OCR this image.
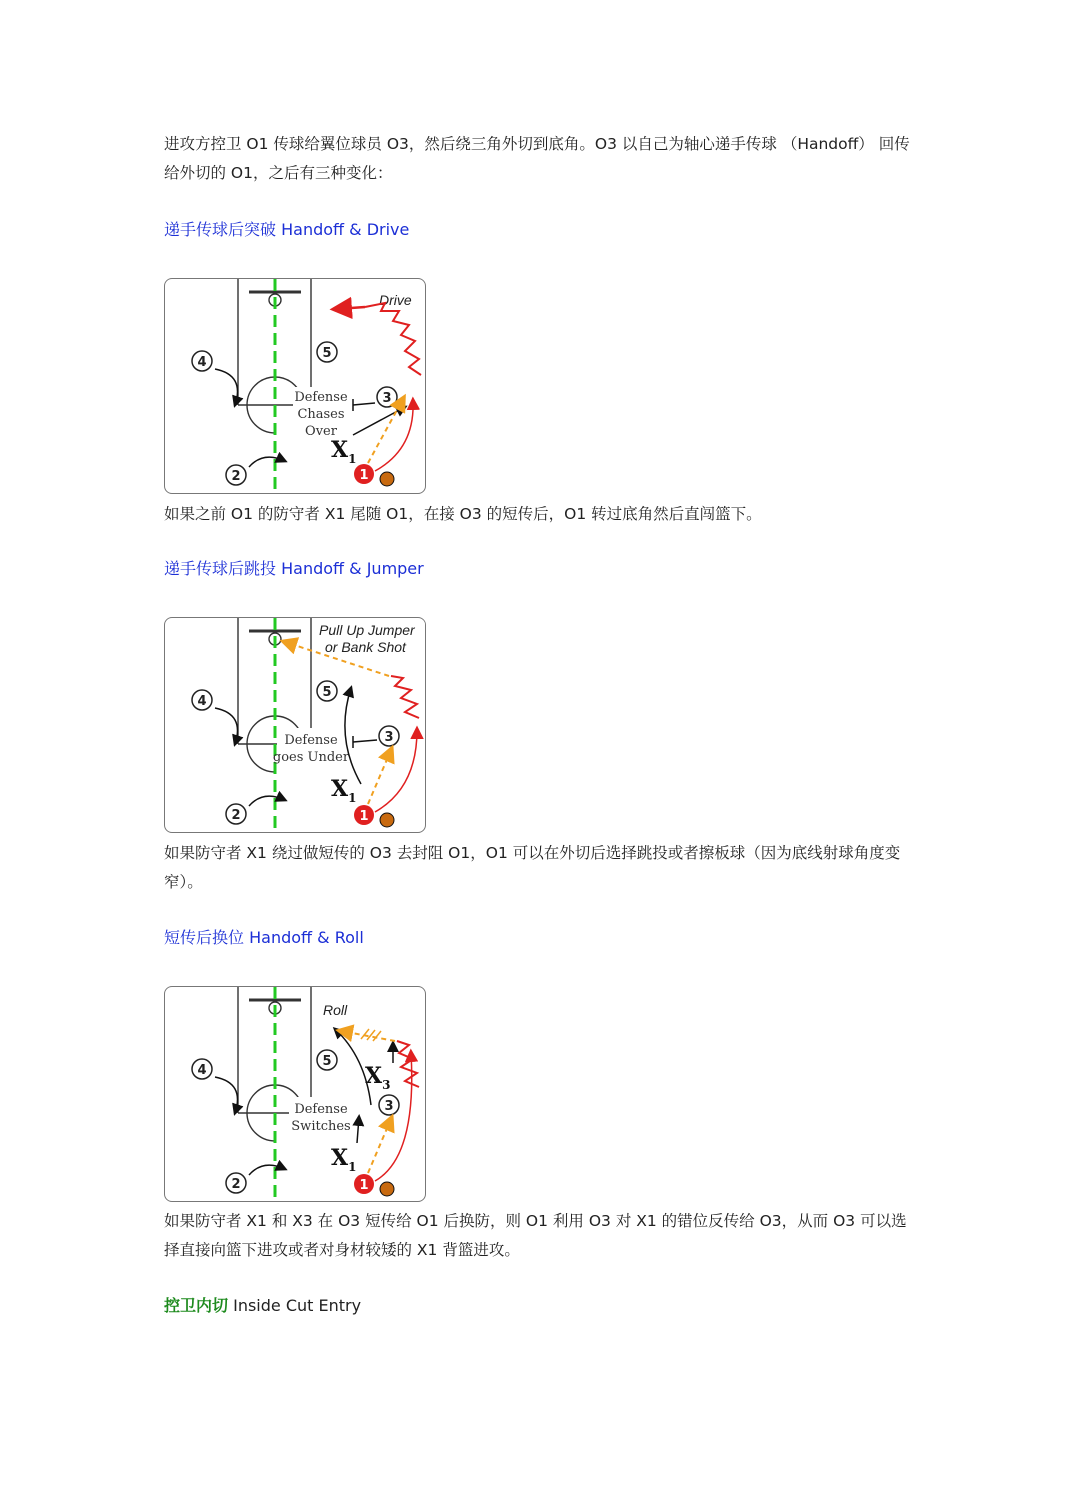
进攻方控卫 O1 传球给翼位球员 O3，然后绕三角外切到底角。O3 以自己为轴心递手传球 （Handoff） 回传给外切的 O1，之后有三种变化：

递手传球后突破 Handoff & Drive

Defense
Chases
Over
Drive
4
5
2
3
$X_1$
1

如果之前 O1 的防守者 X1 尾随 O1，在接 O3 的短传后，O1 转过底角然后直闯篮下。

递手传球后跳投 Handoff & Jumper

Defense
goes Under
Pull Up Jumper
or Bank Shot
4
5
2
3
$X_1$
1

如果防守者 X1 绕过做短传的 O3 去封阻 O1，O1 可以在外切后选择跳投或者擦板球（因为底线射球角度变窄）。

短传后换位 Handoff & Roll

Defense
Switches
Roll
4
5
2
3
$X_3$
$X_1$
1

如果防守者 X1 和 X3 在 O3 短传给 O1 后换防，则 O1 利用 O3 对 X1 的错位反传给 O3，从而 O3 可以选择直接向篮下进攻或者对身材较矮的 X1 背篮进攻。

控卫内切 Inside Cut Entry
